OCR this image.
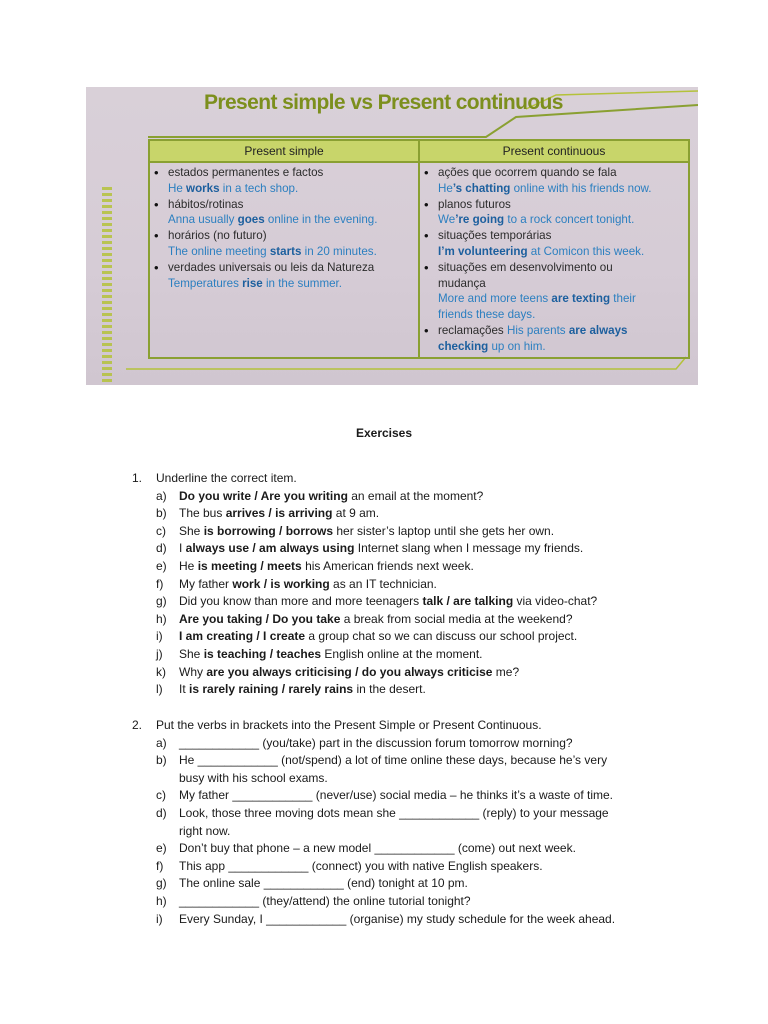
Present simple vs Present continuous
Present simple
• estados permanentes e factos
He works in a tech shop.
• hábitos/rotinas
Anna usually goes online in the evening.
• horários (no futuro)
The online meeting starts in 20 minutes.
• verdades universais ou leis da Natureza
Temperatures rise in the summer.
Present continuous
• ações que ocorrem quando se fala
He’s chatting online with his friends now.
• planos futuros
We’re going to a rock concert tonight.
• situações temporárias
I’m volunteering at Comicon this week.
• situações em desenvolvimento ou
mudança
More and more teens are texting their
friends these days.
• reclamações His parents are always
checking up on him.
Exercises
1. Underline the correct item.
a) Do you write / Are you writing an email at the moment?
b) The bus arrives / is arriving at 9 am.
c) She is borrowing / borrows her sister’s laptop until she gets her own.
d) I always use / am always using Internet slang when I message my friends.
e) He is meeting / meets his American friends next week.
f) My father work / is working as an IT technician.
g) Did you know than more and more teenagers talk / are talking via video-chat?
h) Are you taking / Do you take a break from social media at the weekend?
i) I am creating / I create a group chat so we can discuss our school project.
j) She is teaching / teaches English online at the moment.
k) Why are you always criticising / do you always criticise me?
l) It is rarely raining / rarely rains in the desert.
2. Put the verbs in brackets into the Present Simple or Present Continuous.
a) ____________ (you/take) part in the discussion forum tomorrow morning?
b) He ____________ (not/spend) a lot of time online these days, because he’s very
busy with his school exams.
c) My father ____________ (never/use) social media – he thinks it’s a waste of time.
d) Look, those three moving dots mean she ____________ (reply) to your message
right now.
e) Don’t buy that phone – a new model ____________ (come) out next week.
f) This app ____________ (connect) you with native English speakers.
g) The online sale ____________ (end) tonight at 10 pm.
h) ____________ (they/attend) the online tutorial tonight?
i) Every Sunday, I ____________ (organise) my study schedule for the week ahead.
